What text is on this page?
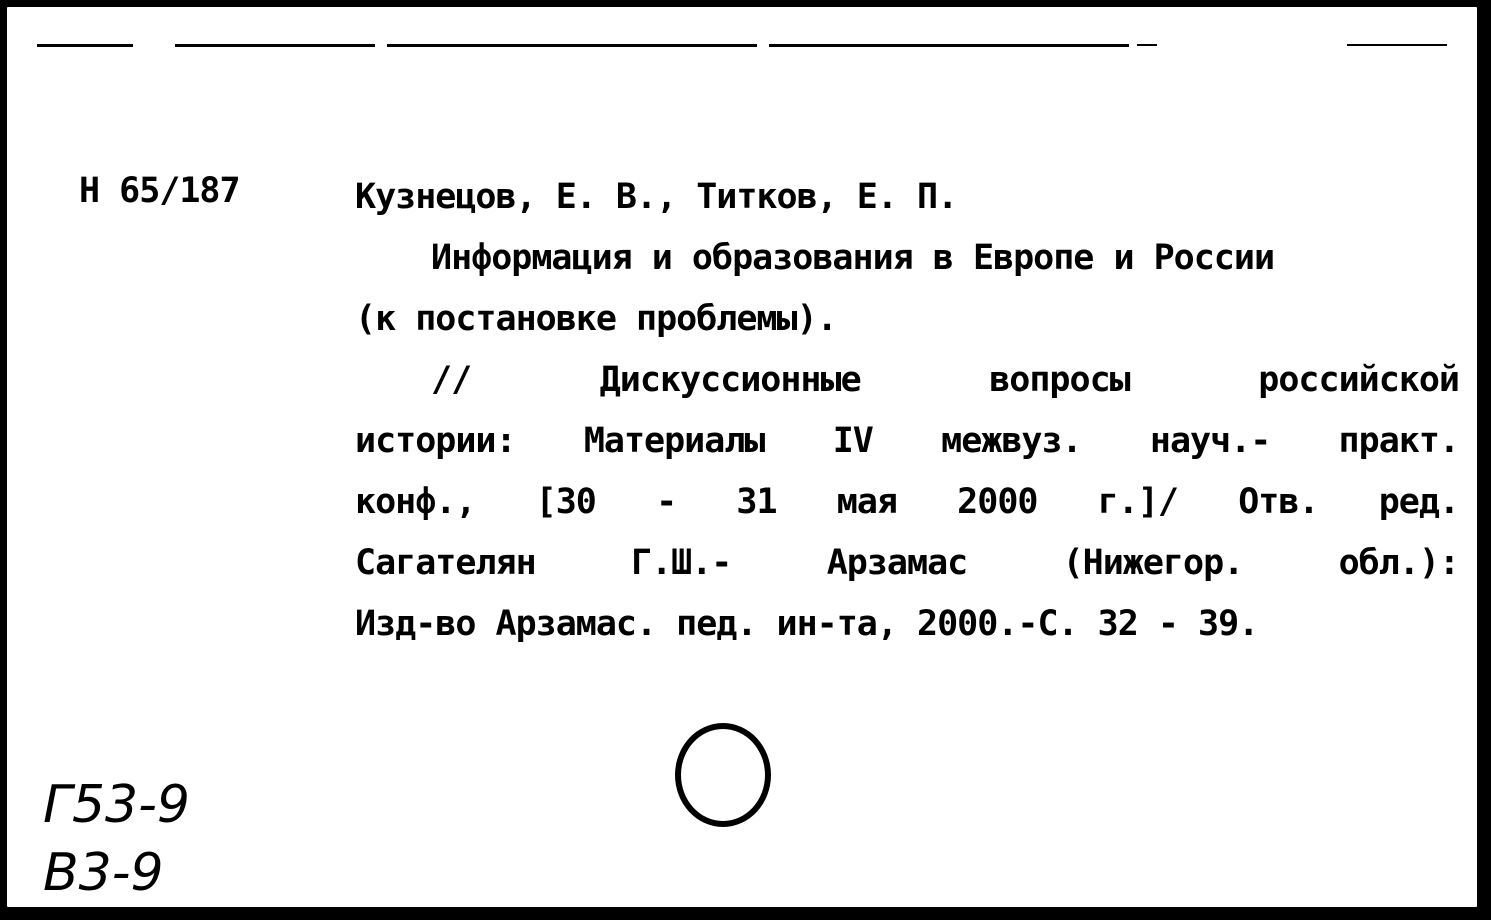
Н 65/187	Кузнецов, Е. В., Титков, Е. П.
Информация и образования в Европе и России
(к постановке проблемы).
// Дискуссионные вопросы российской
истории: Материалы IV межвуз. науч.- практ.
конф., [30 - 31 мая 2000 г.]/ Отв. ред.
Сагателян Г.Ш.- Арзамас (Нижегор. обл.):
Изд-во Арзамас. пед. ин-та, 2000.-С. 32 - 39.
Г53-9
В3-9
